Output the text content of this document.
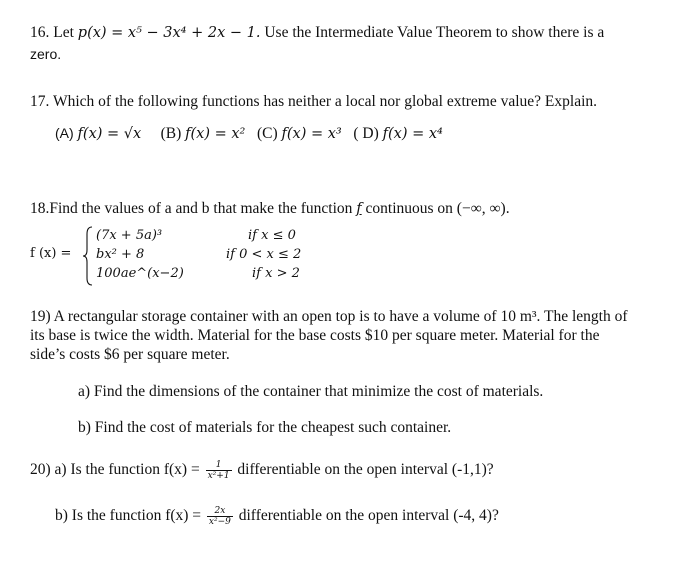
16. Let p(x) = x⁵ − 3x⁴ + 2x − 1. Use the Intermediate Value Theorem to show there is a
zero.
17. Which of the following functions has neither a local nor global extreme value? Explain.
(A) f(x) = √x (B) f(x) = x² (C) f(x) = x³ ( D) f(x) = x⁴
18.Find the values of a and b that make the function f continuous on (−∞, ∞).
f (x) =
(7x + 5a)³
bx² + 8
100ae^(x−2)
if x ≤ 0
if 0 < x ≤ 2
if x > 2
19) A rectangular storage container with an open top is to have a volume of 10 m³. The length of
its base is twice the width. Material for the base costs $10 per square meter. Material for the
side’s costs $6 per square meter.
a) Find the dimensions of the container that minimize the cost of materials.
b) Find the cost of materials for the cheapest such container.
20) a) Is the function $f(x) = \frac{1}{\text{x²+1}}$ differentiable on the open interval (-1,1)?
b) Is the function $f(x) = \frac{2x}{\text{x²−9}}$ differentiable on the open interval (-4, 4)?
